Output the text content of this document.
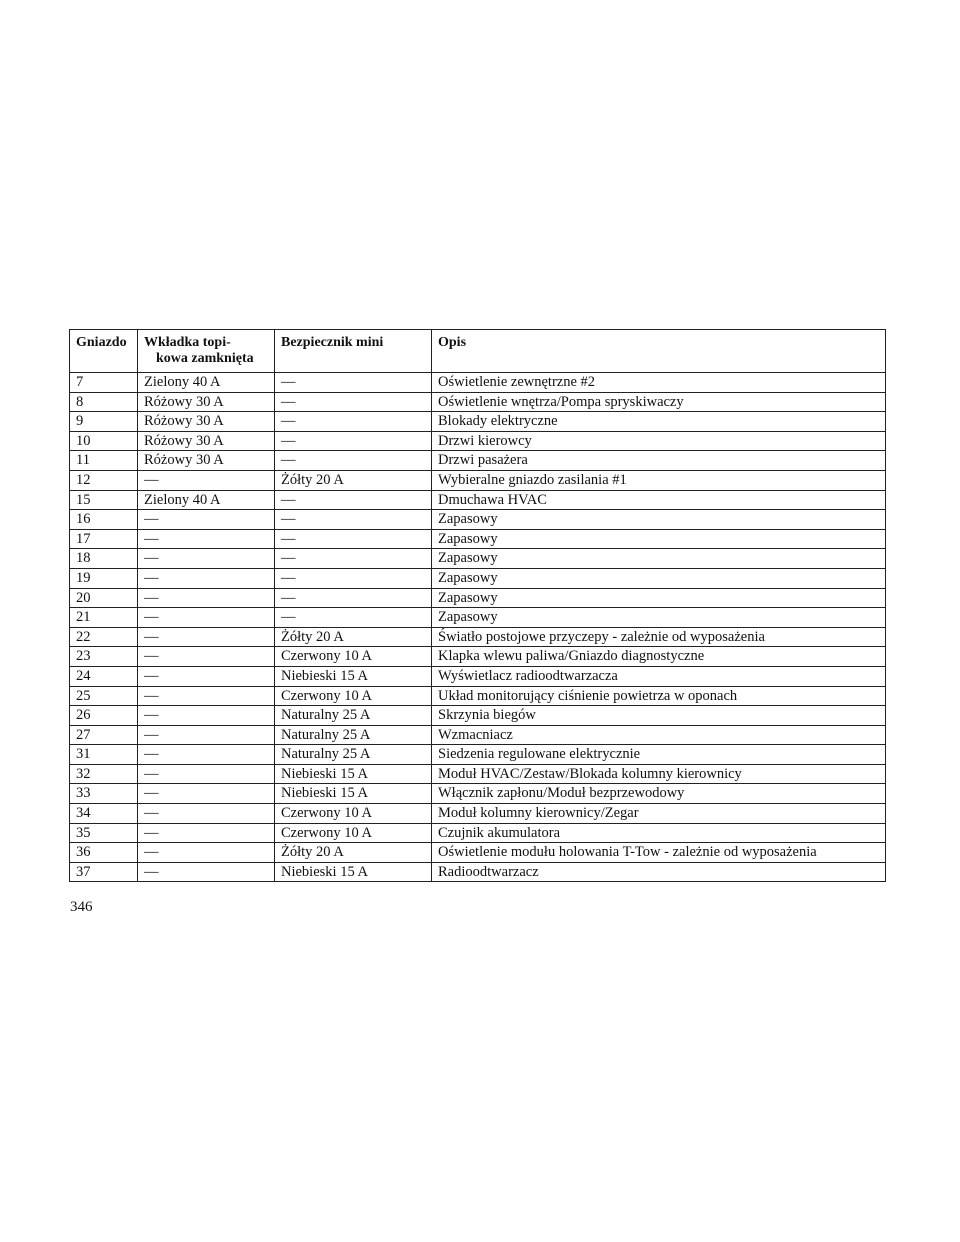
Gniazdo	Wkładka topi-
kowa zamknięta	Bezpiecznik mini	Opis
7	Zielony 40 A	—	Oświetlenie zewnętrzne #2
8	Różowy 30 A	—	Oświetlenie wnętrza/Pompa spryskiwaczy
9	Różowy 30 A	—	Blokady elektryczne
10	Różowy 30 A	—	Drzwi kierowcy
11	Różowy 30 A	—	Drzwi pasażera
12	—	Żółty 20 A	Wybieralne gniazdo zasilania #1
15	Zielony 40 A	—	Dmuchawa HVAC
16	—	—	Zapasowy
17	—	—	Zapasowy
18	—	—	Zapasowy
19	—	—	Zapasowy
20	—	—	Zapasowy
21	—	—	Zapasowy
22	—	Żółty 20 A	Światło postojowe przyczepy - zależnie od wyposażenia
23	—	Czerwony 10 A	Klapka wlewu paliwa/Gniazdo diagnostyczne
24	—	Niebieski 15 A	Wyświetlacz radioodtwarzacza
25	—	Czerwony 10 A	Układ monitorujący ciśnienie powietrza w oponach
26	—	Naturalny 25 A	Skrzynia biegów
27	—	Naturalny 25 A	Wzmacniacz
31	—	Naturalny 25 A	Siedzenia regulowane elektrycznie
32	—	Niebieski 15 A	Moduł HVAC/Zestaw/Blokada kolumny kierownicy
33	—	Niebieski 15 A	Włącznik zapłonu/Moduł bezprzewodowy
34	—	Czerwony 10 A	Moduł kolumny kierownicy/Zegar
35	—	Czerwony 10 A	Czujnik akumulatora
36	—	Żółty 20 A	Oświetlenie modułu holowania T-Tow - zależnie od wyposażenia
37	—	Niebieski 15 A	Radioodtwarzacz

346
